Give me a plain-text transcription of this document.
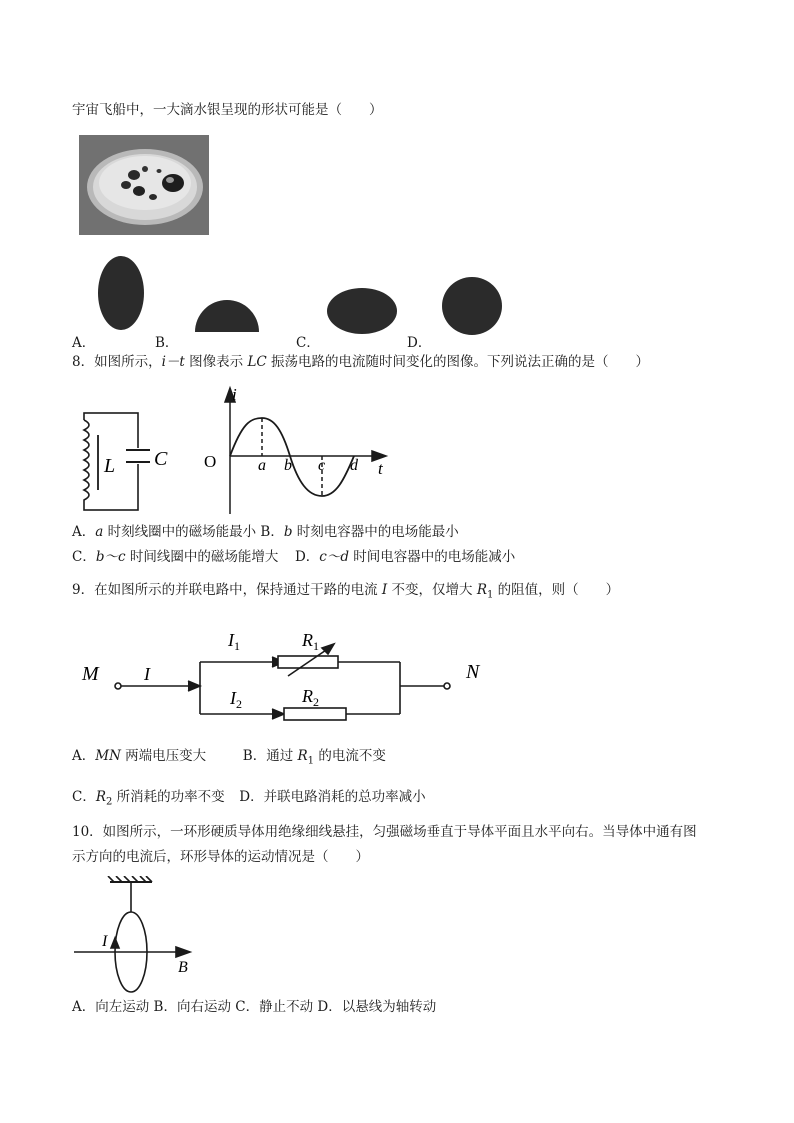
宇宙飞船中，一大滴水银呈现的形状可能是（　　）
A．	B．	C．	D．
8．如图所示，i－t 图像表示 LC 振荡电路的电流随时间变化的图像。下列说法正确的是（　　）
L C
i
t
O	a b c d
A．a 时刻线圈中的磁场能最小 B．b 时刻电容器中的电场能最小
C．b～c 时间线圈中的磁场能增大 D．c～d 时间电容器中的电场能减小
9．在如图所示的并联电路中，保持通过干路的电流 I 不变，仅增大 $R_1$ 的阻值，则（　　）
M	N
I
$I_1$
$I_2$
$R_1$
$R_2$
A．MN 两端电压变大	B．通过 $R_1$ 的电流不变
C．$R_2$ 所消耗的功率不变 D．并联电路消耗的总功率减小
10．如图所示，一环形硬质导体用绝缘细线悬挂，匀强磁场垂直于导体平面且水平向右。当导体中通有图
示方向的电流后，环形导体的运动情况是（　　）
I
B
A．向左运动 B．向右运动 C．静止不动 D．以悬线为轴转动
